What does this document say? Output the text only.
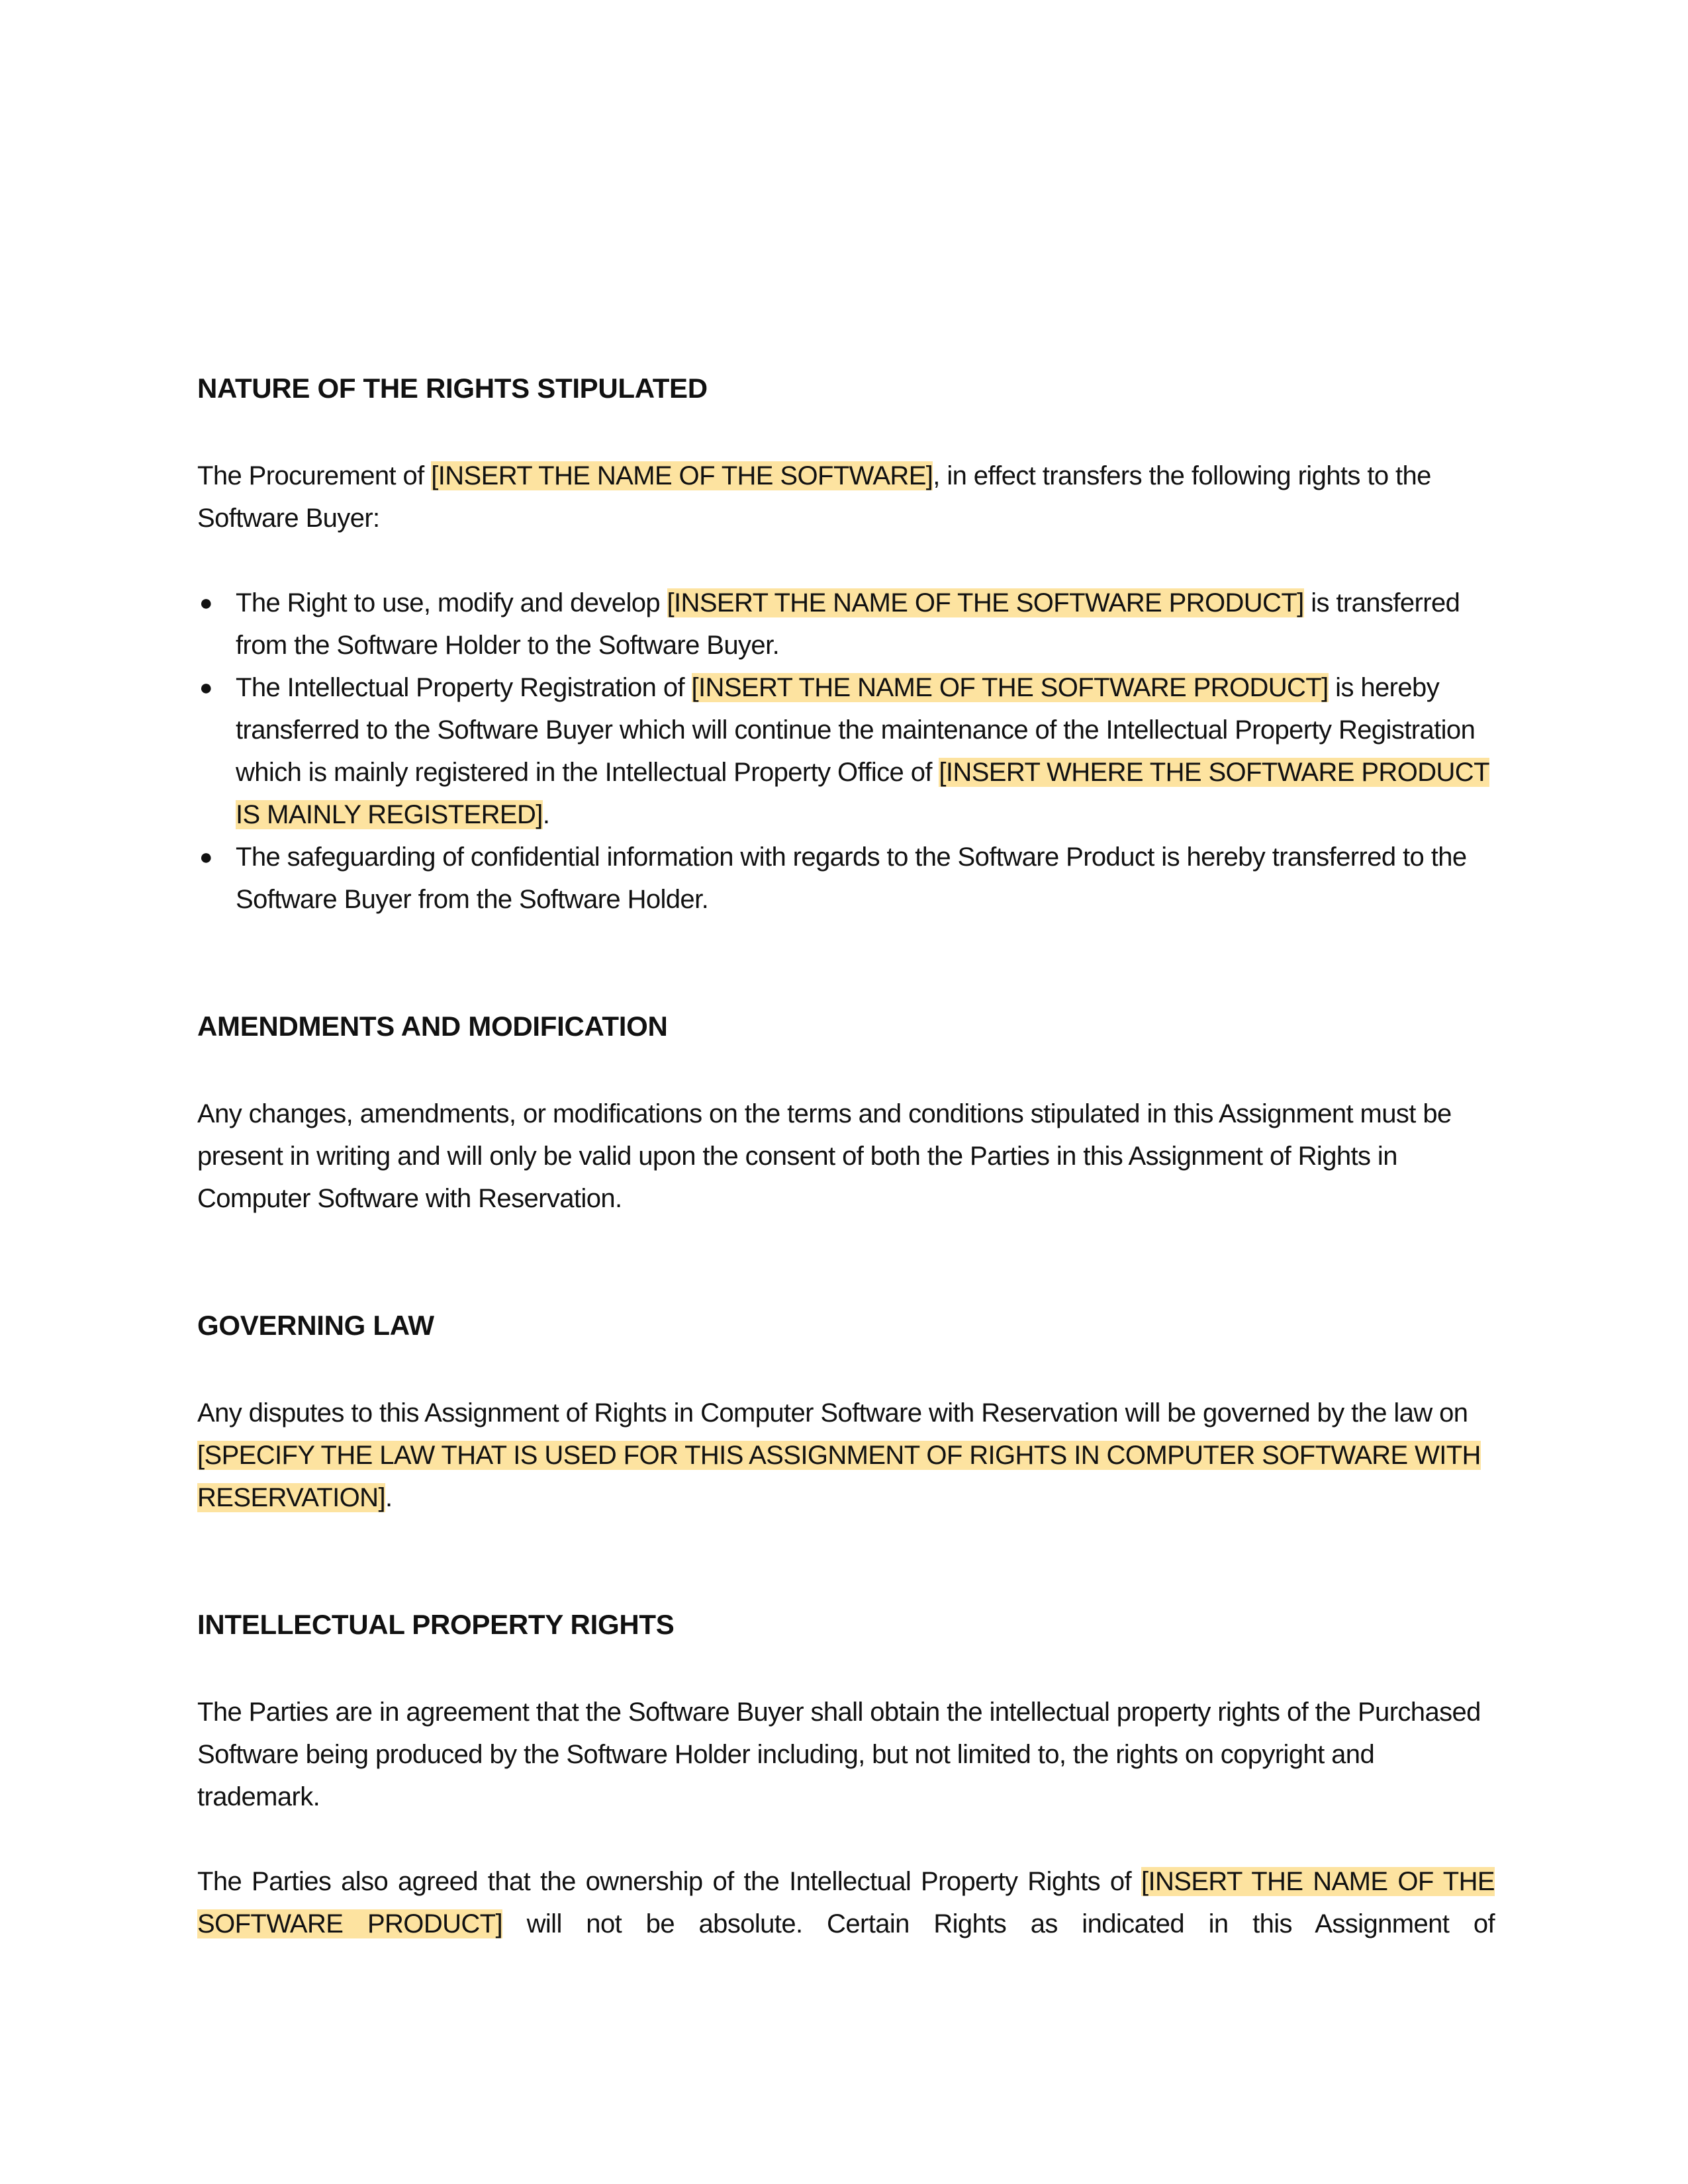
NATURE OF THE RIGHTS STIPULATED

The Procurement of [INSERT THE NAME OF THE SOFTWARE], in effect transfers the following rights to the Software Buyer:

● The Right to use, modify and develop [INSERT THE NAME OF THE SOFTWARE PRODUCT] is transferred from the Software Holder to the Software Buyer.
● The Intellectual Property Registration of [INSERT THE NAME OF THE SOFTWARE PRODUCT] is hereby transferred to the Software Buyer which will continue the maintenance of the Intellectual Property Registration which is mainly registered in the Intellectual Property Office of [INSERT WHERE THE SOFTWARE PRODUCT IS MAINLY REGISTERED].
● The safeguarding of confidential information with regards to the Software Product is hereby transferred to the Software Buyer from the Software Holder.
AMENDMENTS AND MODIFICATION

Any changes, amendments, or modifications on the terms and conditions stipulated in this Assignment must be present in writing and will only be valid upon the consent of both the Parties in this Assignment of Rights in Computer Software with Reservation.

GOVERNING LAW

Any disputes to this Assignment of Rights in Computer Software with Reservation will be governed by the law on [SPECIFY THE LAW THAT IS USED FOR THIS ASSIGNMENT OF RIGHTS IN COMPUTER SOFTWARE WITH RESERVATION].

INTELLECTUAL PROPERTY RIGHTS

The Parties are in agreement that the Software Buyer shall obtain the intellectual property rights of the Purchased Software being produced by the Software Holder including, but not limited to, the rights on copyright and trademark.

The Parties also agreed that the ownership of the Intellectual Property Rights of [INSERT THE NAME OF THE SOFTWARE PRODUCT] will not be absolute. Certain Rights as indicated in this Assignment of
